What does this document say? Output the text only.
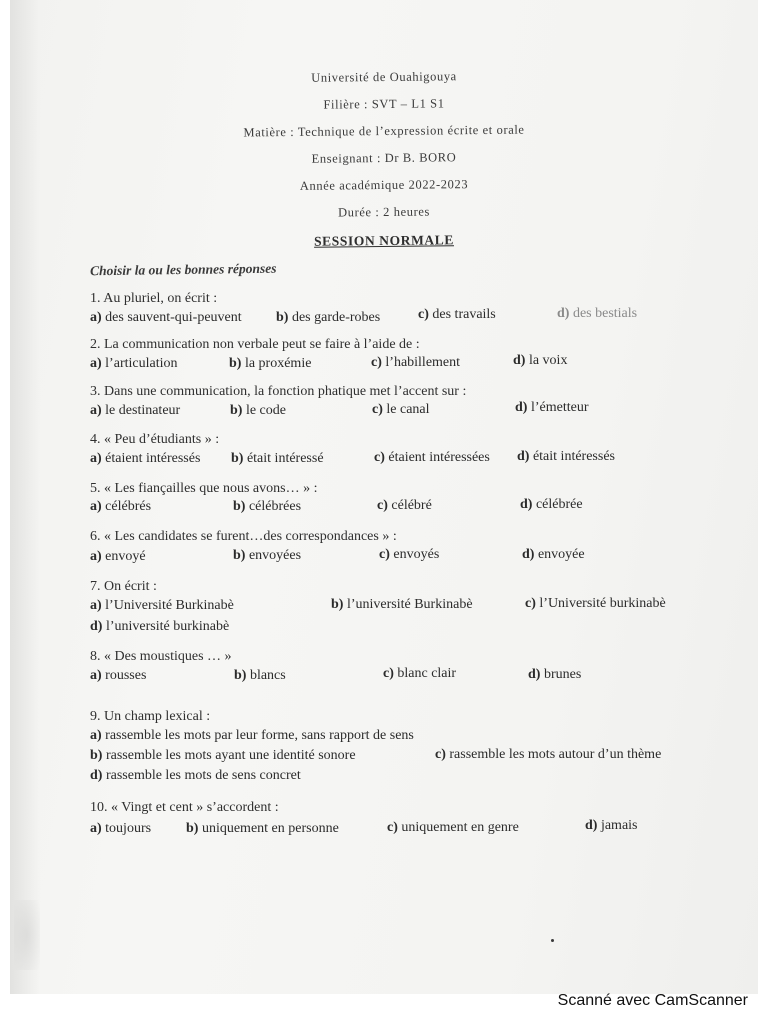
Université de Ouahigouya
Filière : SVT – L1 S1
Matière : Technique de l’expression écrite et orale
Enseignant : Dr B. BORO
Année académique 2022-2023
Durée : 2 heures
SESSION NORMALE
Choisir la ou les bonnes réponses
1. Au pluriel, on écrit :
a) des sauvent-qui-peuvent b) des garde-robes	c) des travails	d) des bestials
2. La communication non verbale peut se faire à l’aide de :
a) l’articulation	b) la proxémie	c) l’habillement	d) la voix
3. Dans une communication, la fonction phatique met l’accent sur :
a) le destinateur	b) le code	c) le canal	d) l’émetteur
4. « Peu d’étudiants » :
a) étaient intéressés b) était intéressé	c) étaient intéressées d) était intéressés
5. « Les fiançailles que nous avons… » :
a) célébrés	b) célébrées	c) célébré	d) célébrée
6. « Les candidates se furent…des correspondances » :
a) envoyé	b) envoyées	c) envoyés	d) envoyée
7. On écrit :
a) l’Université Burkinabè	b) l’université Burkinabè	c) l’Université burkinabè
d) l’université burkinabè
8. « Des moustiques … »
a) rousses	b) blancs	c) blanc clair	d) brunes
9. Un champ lexical :
a) rassemble les mots par leur forme, sans rapport de sens
b) rassemble les mots ayant une identité sonore	c) rassemble les mots autour d’un thème
d) rassemble les mots de sens concret
10. « Vingt et cent » s’accordent :
a) toujours b) uniquement en personne	c) uniquement en genre	d) jamais
Scanné avec CamScanner
